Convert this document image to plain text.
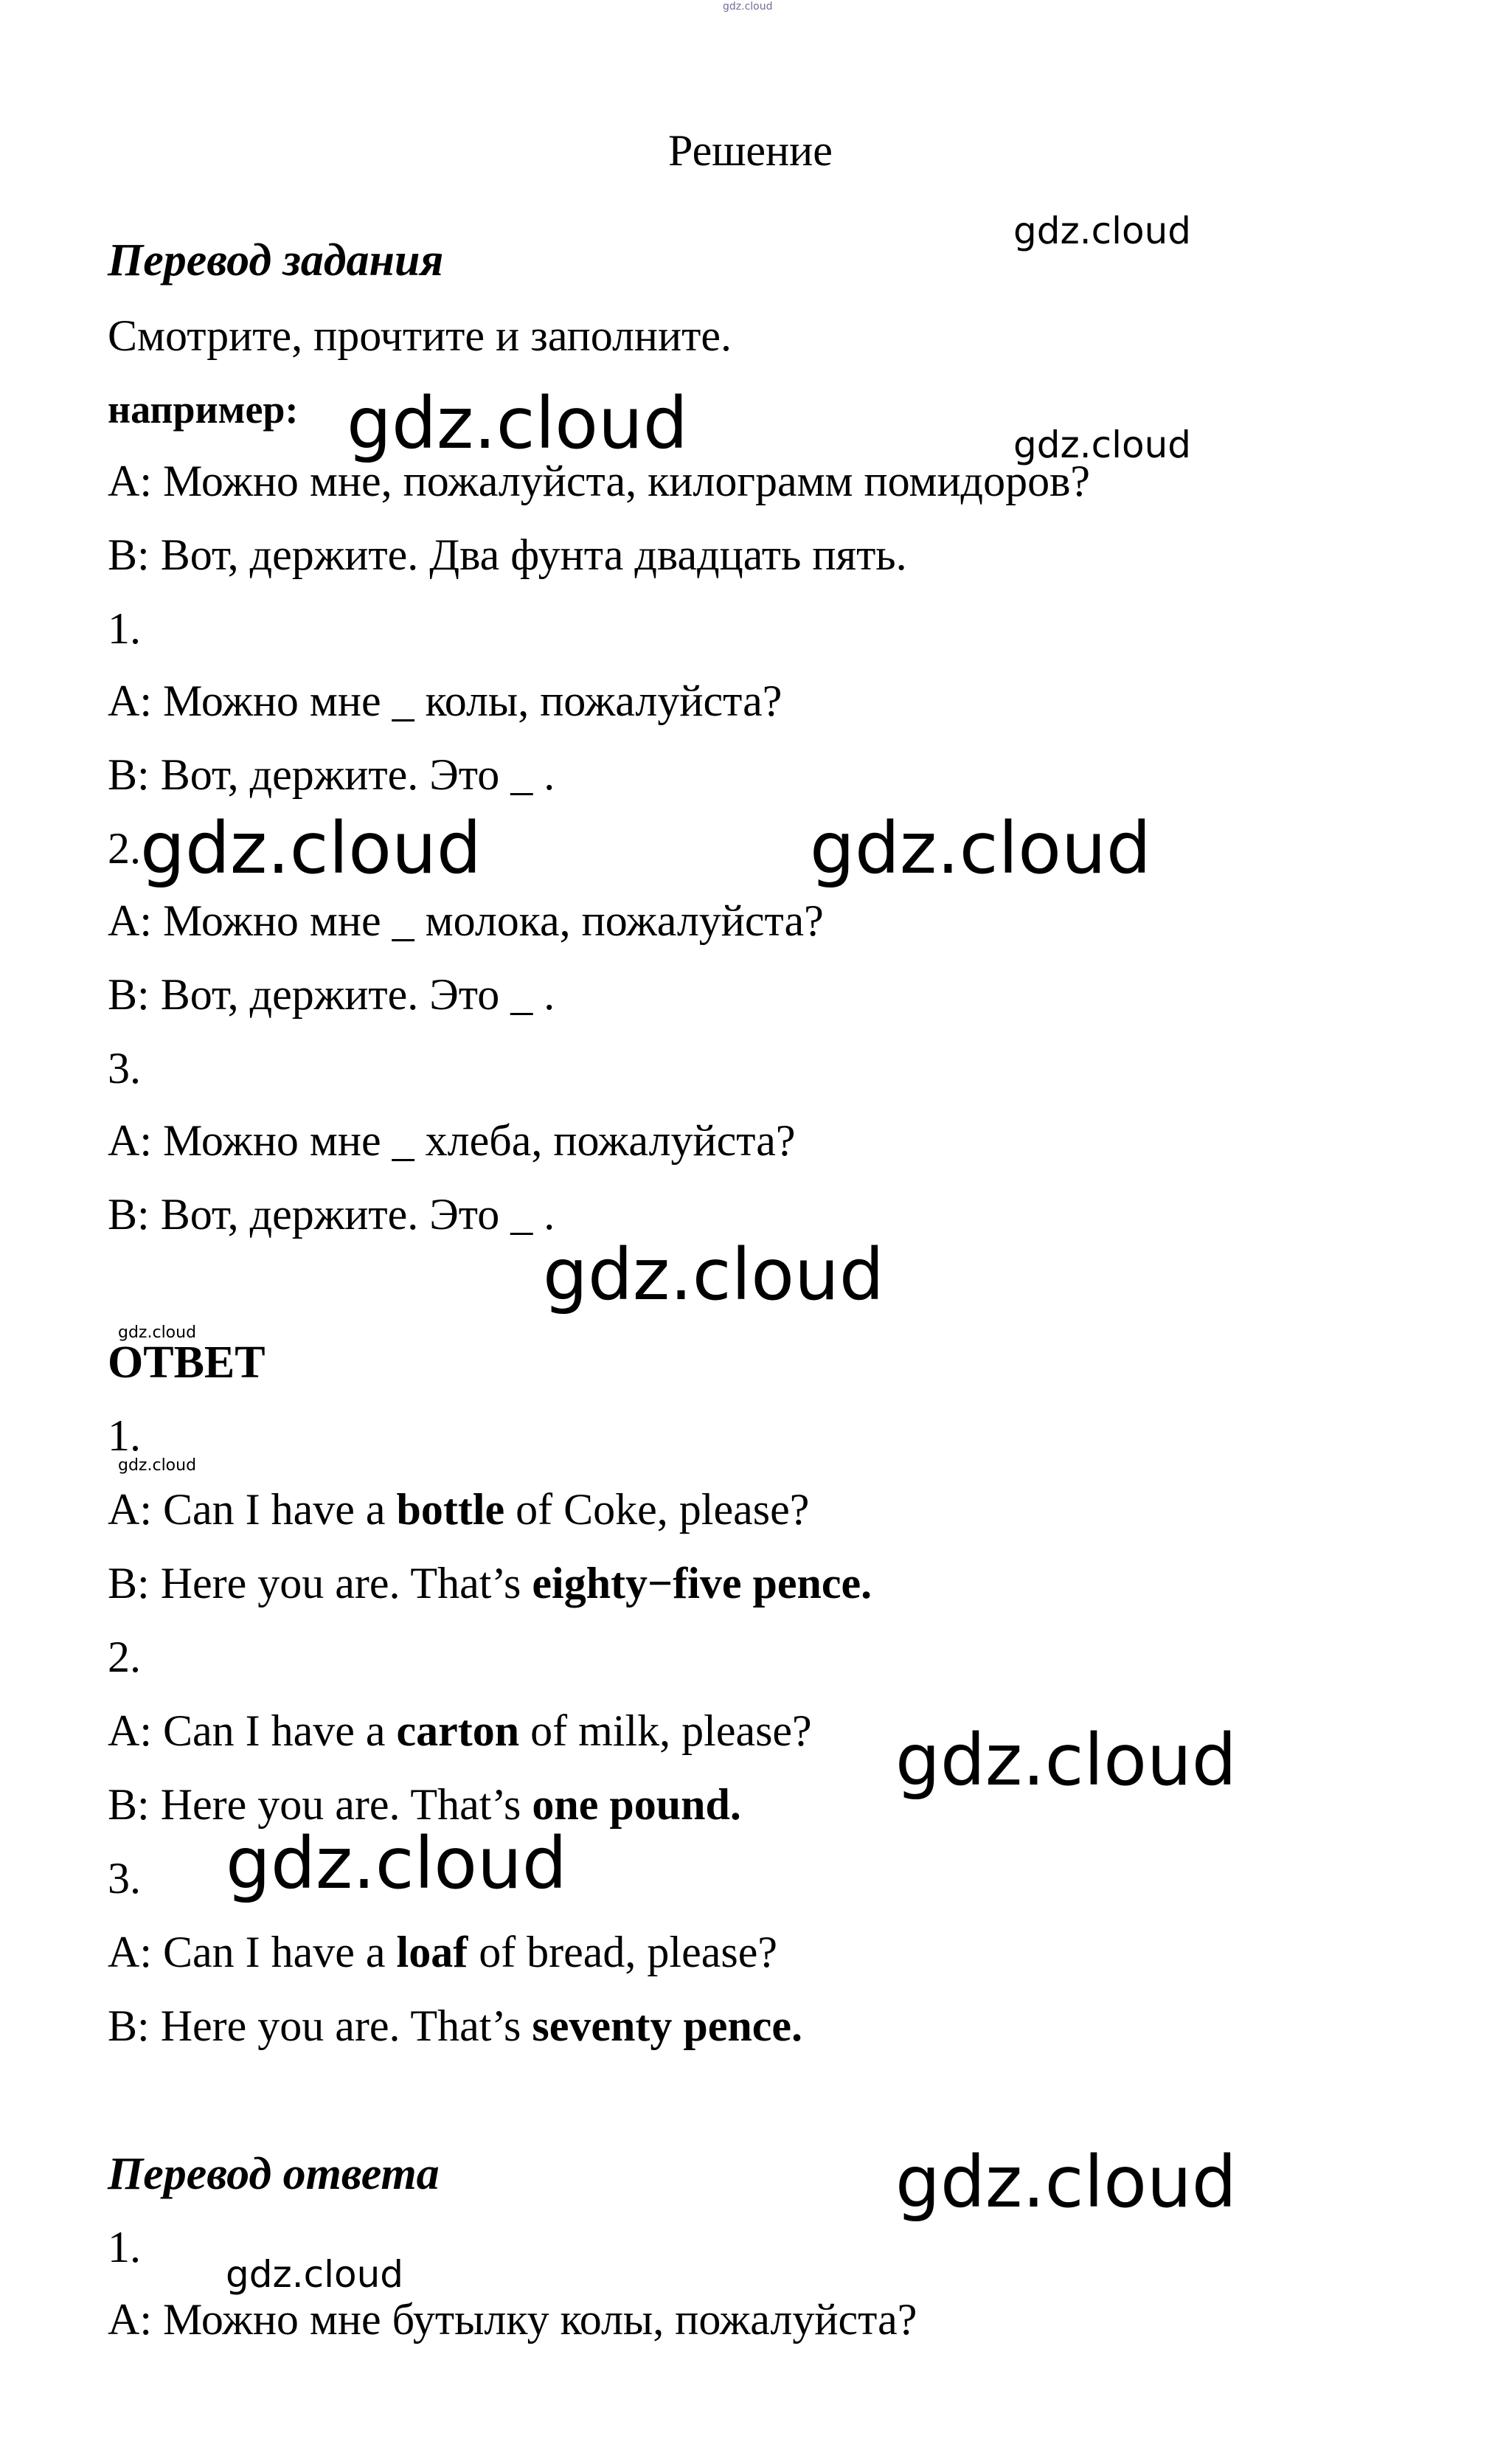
Решение
Перевод задания
Смотрите, прочтите и заполните.
например:
A: Можно мне, пожалуйста, килограмм помидоров?
B: Вот, держите. Два фунта двадцать пять.
1.
A: Можно мне _ колы, пожалуйста?
B: Вот, держите. Это _ .
2.
A: Можно мне _ молока, пожалуйста?
B: Вот, держите. Это _ .
3.
A: Можно мне _ хлеба, пожалуйста?
B: Вот, держите. Это _ .
ОТВЕТ
1.
A: Can I have a bottle of Coke, please?
B: Here you are. That’s eighty−five pence.
2.
A: Can I have a carton of milk, please?
B: Here you are. That’s one pound.
3.
A: Can I have a loaf of bread, please?
B: Here you are. That’s seventy pence.
Перевод ответа
1.
A: Можно мне бутылку колы, пожалуйста?
gdz.cloud
gdz.cloud
gdz.cloud	gdz.cloud
gdz.cloud	gdz.cloud
gdz.cloud
gdz.cloud
gdz.cloud
gdz.cloud
gdz.cloud
gdz.cloud
gdz.cloud
